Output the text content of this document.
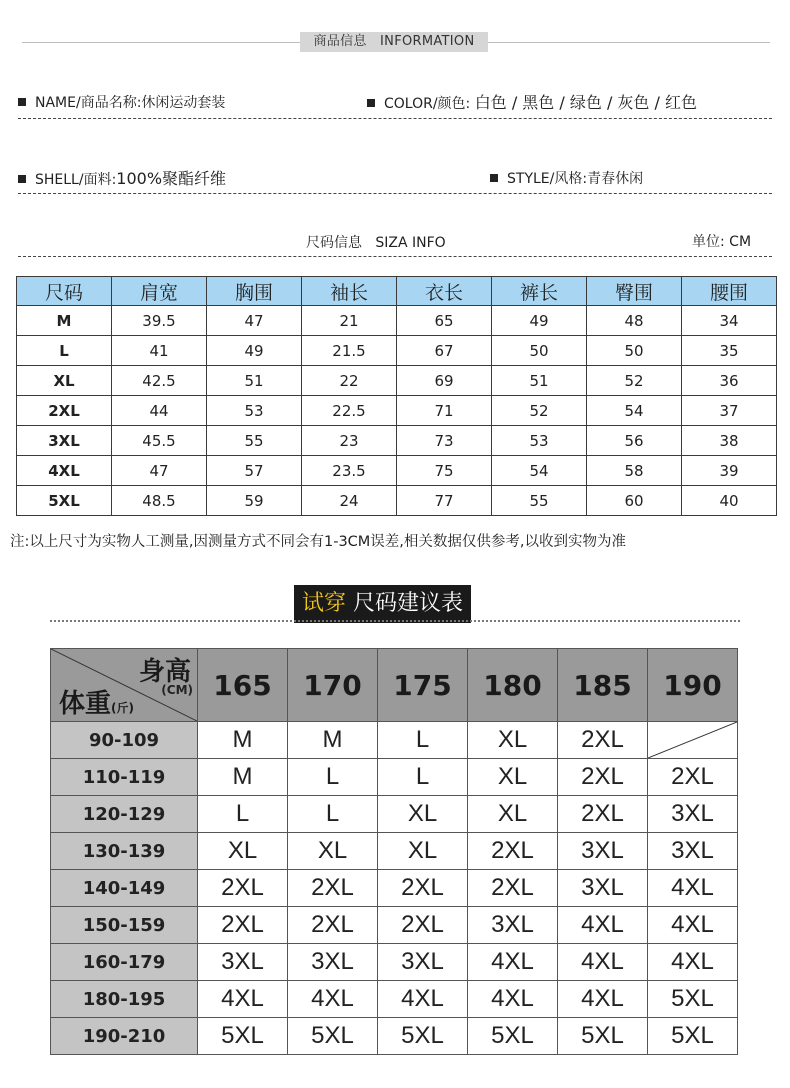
商品信息 INFORMATION
NAME/商品名称:休闲运动套装	COLOR/颜色: 白色 / 黑色 / 绿色 / 灰色 / 红色
SHELL/面料:100%聚酯纤维	STYLE/风格:青春休闲
尺码信息 SIZA INFO	单位: CM
尺码	肩宽	胸围	袖长	衣长	裤长	臀围	腰围
M	39.5	47	21	65	49	48	34
L	41	49	21.5	67	50	50	35
XL	42.5	51	22	69	51	52	36
2XL	44	53	22.5	71	52	54	37
3XL	45.5	55	23	73	53	56	38
4XL	47	57	23.5	75	54	58	39
5XL	48.5	59	24	77	55	60	40
注:以上尺寸为实物人工测量,因测量方式不同会有1-3CM误差,相关数据仅供参考,以收到实物为准
试穿 尺码建议表
身高
(CM)
体重(斤)	165	170	175	180	185	190
90-109	M	M	L	XL	2XL	

110-119	M	L	L	XL	2XL	2XL
120-129	L	L	XL	XL	2XL	3XL
130-139	XL	XL	XL	2XL	3XL	3XL
140-149	2XL	2XL	2XL	2XL	3XL	4XL
150-159	2XL	2XL	2XL	3XL	4XL	4XL
160-179	3XL	3XL	3XL	4XL	4XL	4XL
180-195	4XL	4XL	4XL	4XL	4XL	5XL
190-210	5XL	5XL	5XL	5XL	5XL	5XL
